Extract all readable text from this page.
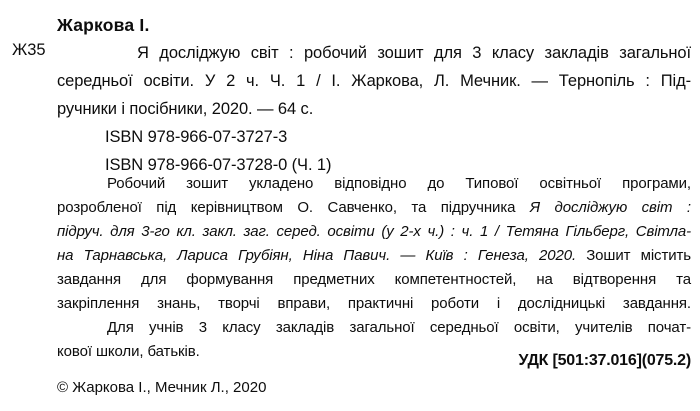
Жаркова І.
Ж35	Я досліджую світ : робочий зошит для 3 класу закладів загальної
середньої освіти. У 2 ч. Ч. 1 / І. Жаркова, Л. Мечник. — Тернопіль : Під-
ручники і посібники, 2020. — 64 с.
ISBN 978-966-07-3727-3
ISBN 978-966-07-3728-0 (Ч. 1)
Робочий зошит укладено відповідно до Типової освітньої програми,
розробленої під керівництвом О. Савченко, та підручника Я досліджую світ :
підруч. для 3-го кл. закл. заг. серед. освіти (у 2-х ч.) : ч. 1 / Тетяна Гільберг, Світла-
на Тарнавська, Лариса Грубіян, Ніна Павич. — Київ : Генеза, 2020. Зошит містить
завдання для формування предметних компетентностей, на відтворення та
закріплення знань, творчі вправи, практичні роботи і дослідницькі завдання.
Для учнів 3 класу закладів загальної середньої освіти, учителів почат-
кової школи, батьків.
УДК [501:37.016](075.2)
© Жаркова І., Мечник Л., 2020
